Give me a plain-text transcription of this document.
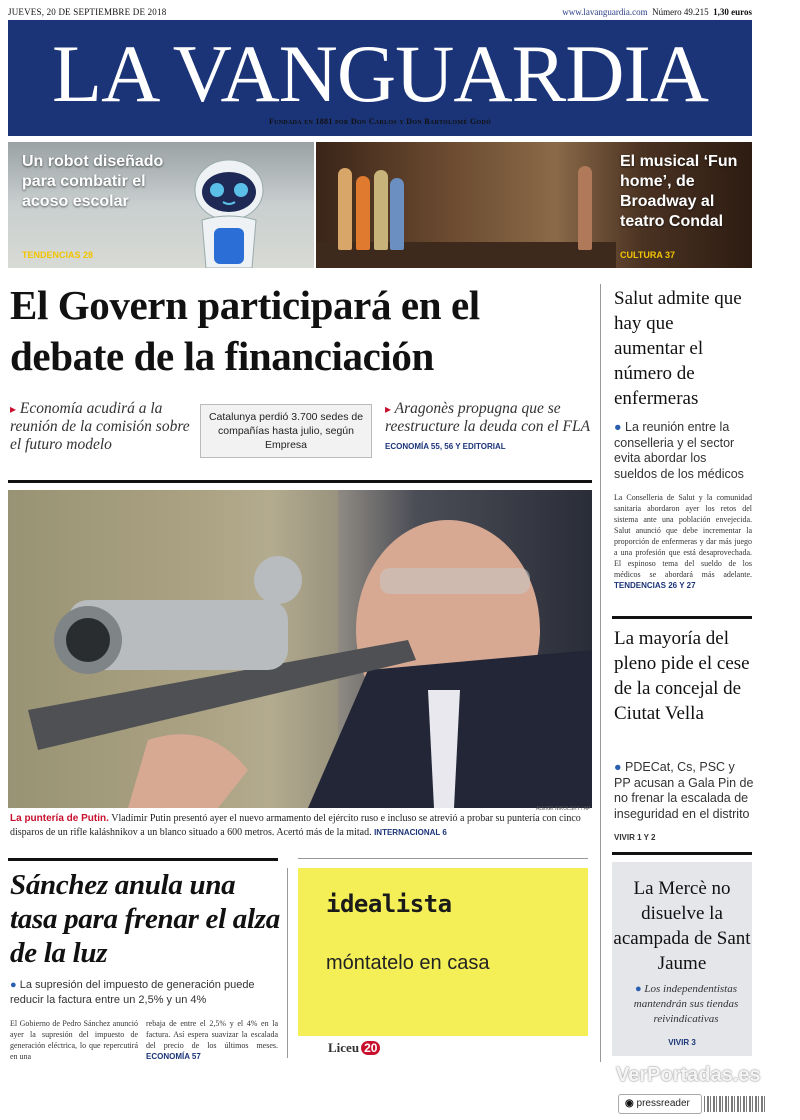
JUEVES, 20 DE SEPTIEMBRE DE 2018	www.lavanguardia.com Número 49.215 1,30 euros
LA VANGUARDIA
Fundada en 1881 por Don Carlos y Don Bartolomé Godó
Un robot diseñado para combatir el acoso escolar
TENDENCIAS 28
El musical ‘Fun home’, de Broadway al teatro Condal
CULTURA 37
El Govern participará en el debate de la financiación
▸ Economía acudirá a la reunión de la comisión sobre el futuro modelo
Catalunya perdió 3.700 sedes de compañías hasta julio, según Empresa
▸ Aragonès propugna que se reestructure la deuda con el FLA ECONOMÍA 55, 56 Y EDITORIAL
ALEXEI NIKOLSKY / AP
La puntería de Putin. Vladímir Putin presentó ayer el nuevo armamento del ejército ruso e incluso se atrevió a probar su puntería con cinco disparos de un rifle kaláshnikov a un blanco situado a 600 metros. Acertó más de la mitad. INTERNACIONAL 6
Sánchez anula una tasa para frenar el alza de la luz
● La supresión del impuesto de generación puede reducir la factura entre un 2,5% y un 4%
El Gobierno de Pedro Sánchez anunció ayer la supresión del impuesto de generación eléctrica, lo que repercutirá en una
rebaja de entre el 2,5% y el 4% en la factura. Así espera suavizar la escalada del precio de los últimos meses. ECONOMÍA 57
idealista
móntatelo en casa
Liceu 20
Salut admite que hay que aumentar el número de enfermeras
● La reunión entre la conselleria y el sector evita abordar los sueldos de los médicos
La Conselleria de Salut y la comunidad sanitaria abordaron ayer los retos del sistema ante una población envejecida. Salut anunció que debe incrementar la proporción de enfermeras y dar más juego a una profesión que está desaprovechada. El espinoso tema del sueldo de los médicos se abordará más adelante. TENDENCIAS 26 Y 27
La mayoría del pleno pide el cese de la concejal de Ciutat Vella
● PDECat, Cs, PSC y PP acusan a Gala Pin de no frenar la escalada de inseguridad en el distrito
VIVIR 1 Y 2
La Mercè no disuelve la acampada de Sant Jaume
● Los independentistas mantendrán sus tiendas reivindicativas
VIVIR 3
VerPortadas.es
◉ pressreader
